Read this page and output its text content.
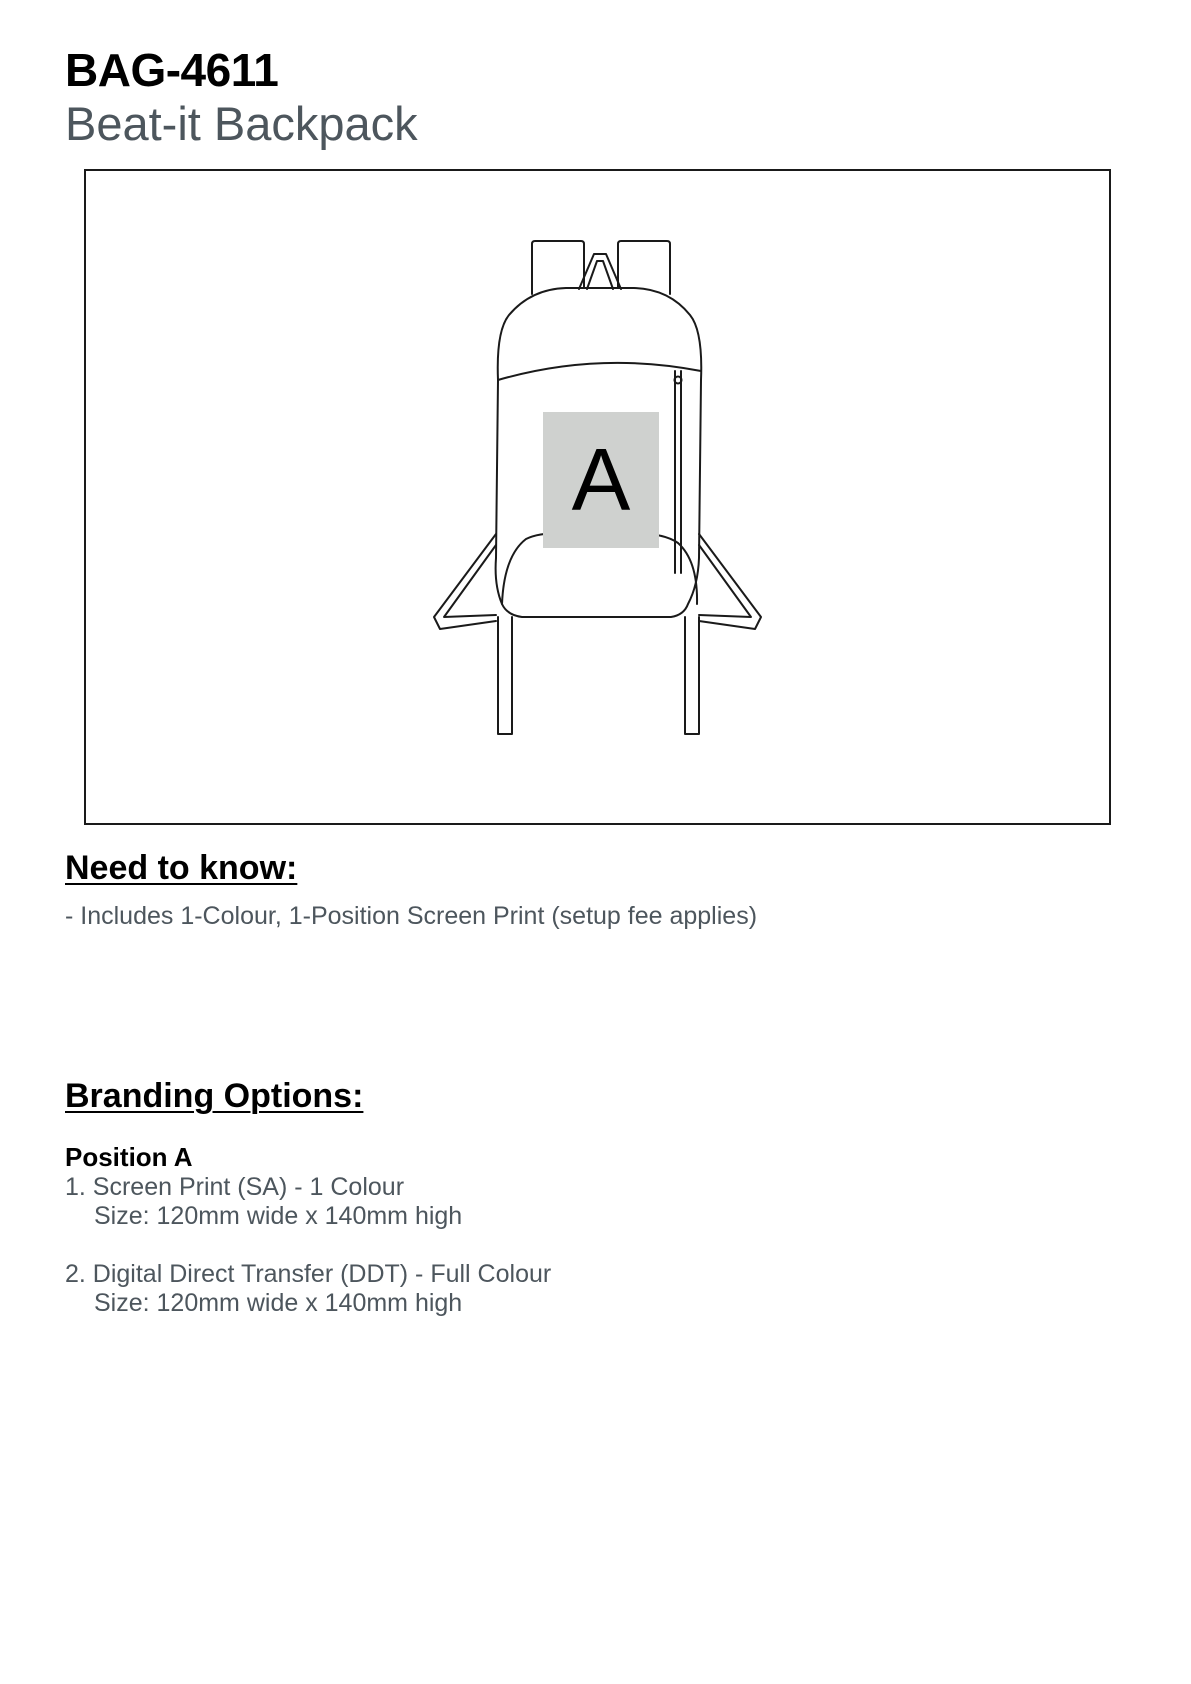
BAG-4611
Beat-it Backpack
A
Need to know:
- Includes 1-Colour, 1-Position Screen Print (setup fee applies)
Branding Options:
Position A
1. Screen Print (SA) - 1 Colour
Size: 120mm wide x 140mm high
2. Digital Direct Transfer (DDT) - Full Colour
Size: 120mm wide x 140mm high
